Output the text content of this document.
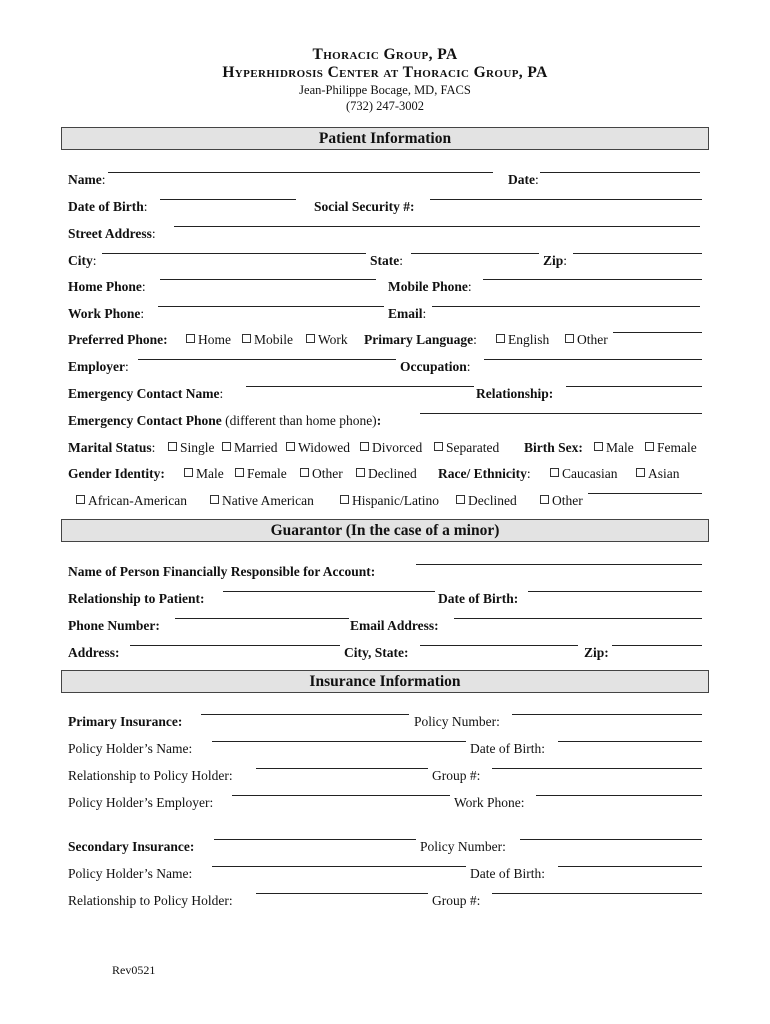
Thoracic Group, PA
Hyperhidrosis Center at Thoracic Group, PA
Jean-Philippe Bocage, MD, FACS
(732) 247-3002
Patient Information
Name:	Date:
Date of Birth:	Social Security #:
Street Address:
City:	State:	Zip:
Home Phone:	Mobile Phone:
Work Phone:	Email:
Preferred Phone:	Home	Mobile	Work Primary Language:	English	Other
Employer:	Occupation:
Emergency Contact Name:	Relationship:
Emergency Contact Phone (different than home phone):
Marital Status:	Single	Married	Widowed	Divorced	Separated Birth Sex:	Male	Female
Gender Identity:	Male	Female	Other	Declined Race/ Ethnicity:	Caucasian	Asian
African-American	Native American	Hispanic/Latino	Declined	Other
Guarantor (In the case of a minor)
Name of Person Financially Responsible for Account:
Relationship to Patient:	Date of Birth:
Phone Number:	Email Address:
Address:	City, State:	Zip:
Insurance Information
Primary Insurance:	Policy Number:
Policy Holder’s Name:	Date of Birth:
Relationship to Policy Holder:	Group #:
Policy Holder’s Employer:	Work Phone:
Secondary Insurance:	Policy Number:
Policy Holder’s Name:	Date of Birth:
Relationship to Policy Holder:	Group #:
Rev0521
